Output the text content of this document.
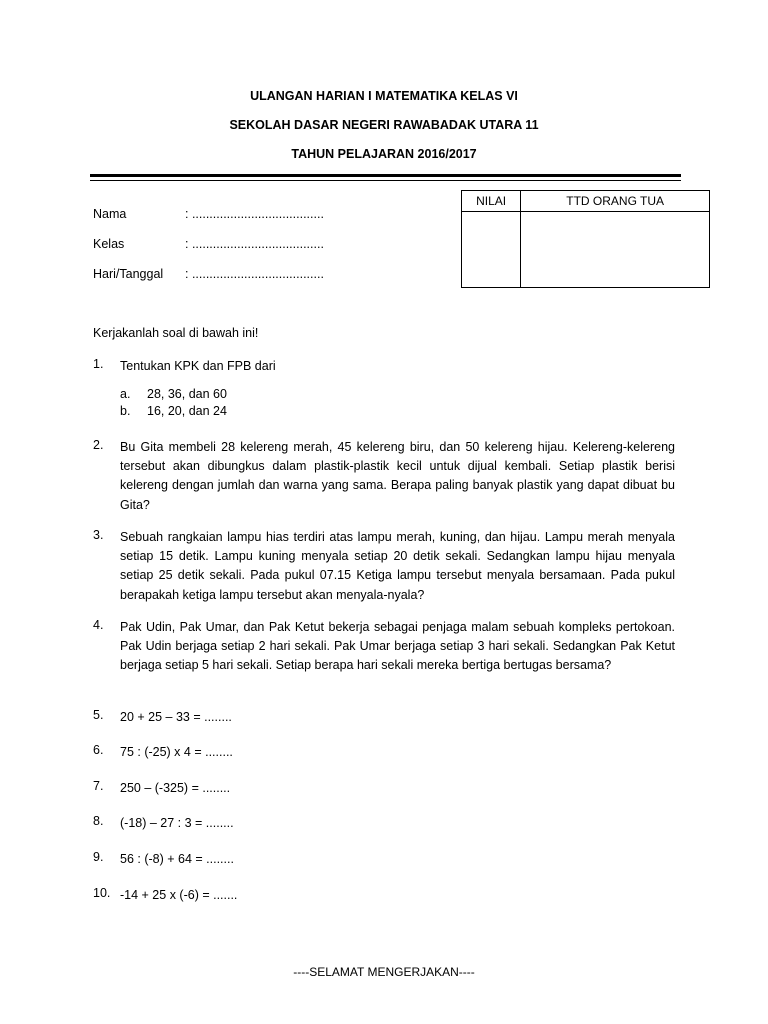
ULANGAN HARIAN I MATEMATIKA KELAS VI
SEKOLAH DASAR NEGERI RAWABADAK UTARA 11
TAHUN PELAJARAN 2016/2017
Nama	: ......................................
Kelas	: ......................................
Hari/Tanggal : ......................................
NILAI	TTD ORANG TUA

Kerjakanlah soal di bawah ini!
1. Tentukan KPK dan FPB dari
a. 28, 36, dan 60
b. 16, 20, dan 24
2. Bu Gita membeli 28 kelereng merah, 45 kelereng biru, dan 50 kelereng hijau. Kelereng-kelereng tersebut akan dibungkus dalam plastik-plastik kecil untuk dijual kembali. Setiap plastik berisi kelereng dengan jumlah dan warna yang sama. Berapa paling banyak plastik yang dapat dibuat bu Gita?
3. Sebuah rangkaian lampu hias terdiri atas lampu merah, kuning, dan hijau. Lampu merah menyala setiap 15 detik. Lampu kuning menyala setiap 20 detik sekali. Sedangkan lampu hijau menyala setiap 25 detik sekali. Pada pukul 07.15 Ketiga lampu tersebut menyala bersamaan. Pada pukul berapakah ketiga lampu tersebut akan menyala-nyala?
4. Pak Udin, Pak Umar, dan Pak Ketut bekerja sebagai penjaga malam sebuah kompleks pertokoan. Pak Udin berjaga setiap 2 hari sekali. Pak Umar berjaga setiap 3 hari sekali. Sedangkan Pak Ketut berjaga setiap 5 hari sekali. Setiap berapa hari sekali mereka bertiga bertugas bersama?
5. 20 + 25 – 33 = ........
6. 75 : (-25) x 4 = ........
7. 250 – (-325) = ........
8. (-18) – 27 : 3 = ........
9. 56 : (-8) + 64 = ........
10. -14 + 25 x (-6) = .......
----SELAMAT MENGERJAKAN----
